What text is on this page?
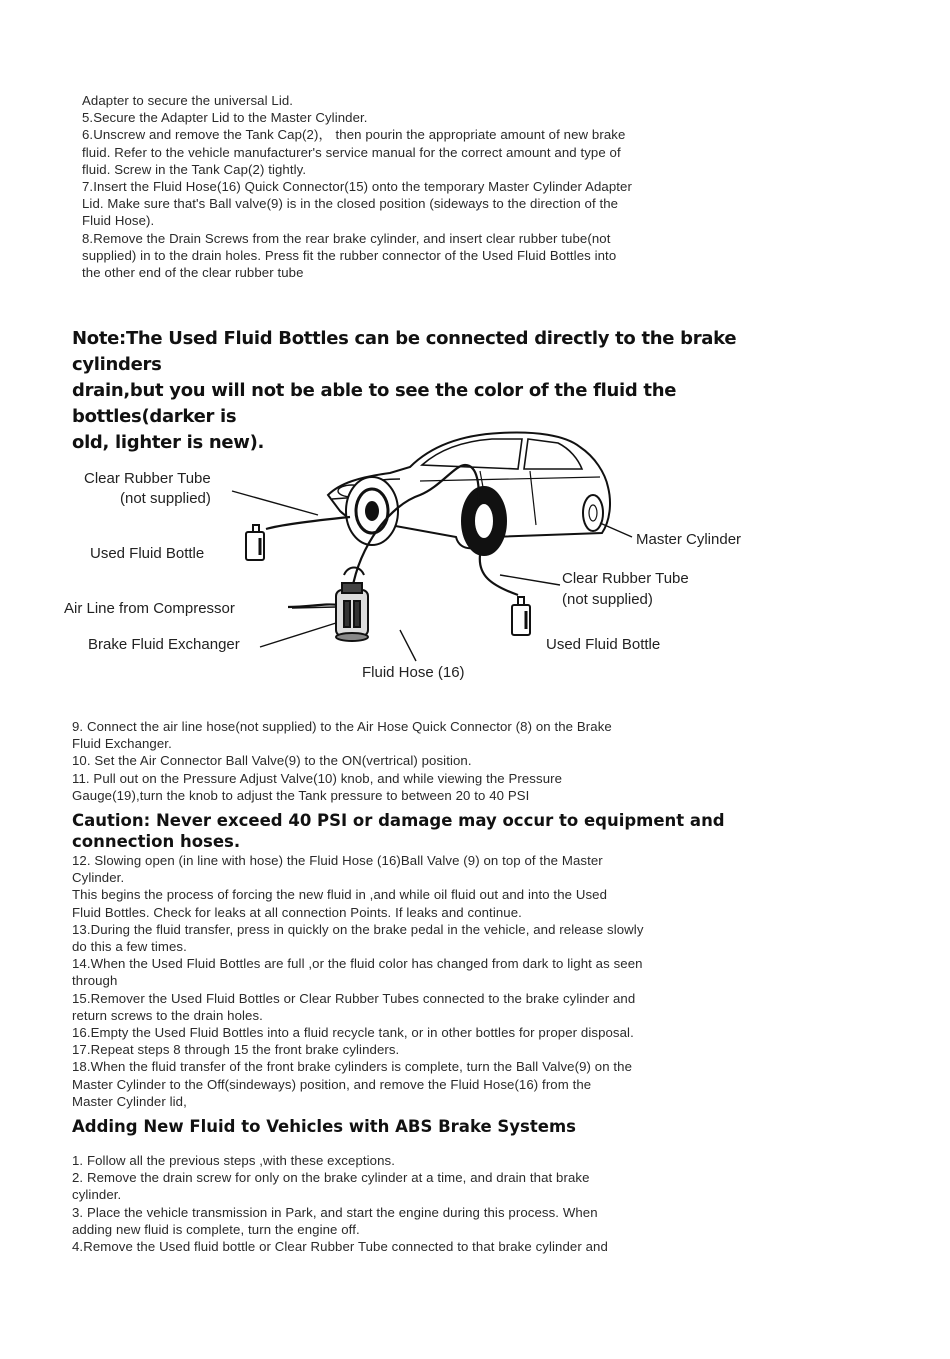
Adapter to secure the universal Lid.

5.Secure the Adapter Lid to the Master Cylinder.

6.Unscrew and remove the Tank Cap(2)， then pourin the appropriate amount of new brake

fluid. Refer to the vehicle manufacturer's service manual for the correct amount and type of

fluid. Screw in the Tank Cap(2) tightly.

7.Insert the Fluid Hose(16) Quick Connector(15) onto the temporary Master Cylinder Adapter

Lid. Make sure that's Ball valve(9) is in the closed position (sideways to the direction of the

Fluid Hose).

8.Remove the Drain Screws from the rear brake cylinder, and insert clear rubber tube(not

supplied) in to the drain holes. Press fit the rubber connector of the Used Fluid Bottles into

the other end of the clear rubber tube

Note:The Used Fluid Bottles can be connected directly to the brake cylinders

drain,but you will not be able to see the color of the fluid the bottles(darker is

old, lighter is new).

Clear Rubber Tube
(not supplied)
Used Fluid Bottle
Air Line from Compressor
Brake Fluid Exchanger
Fluid Hose (16)
Master Cylinder
Clear Rubber Tube
(not supplied)
Used Fluid Bottle

9. Connect the air line hose(not supplied) to the Air Hose Quick Connector (8) on the Brake

Fluid Exchanger.

10. Set the Air Connector Ball Valve(9) to the ON(vertrical) position.

11. Pull out on the Pressure Adjust Valve(10) knob, and while viewing the Pressure

Gauge(19),turn the knob to adjust the Tank pressure to between 20 to 40 PSI

Caution: Never exceed 40 PSI or damage may occur to equipment and

connection hoses.

12. Slowing open (in line with hose) the Fluid Hose (16)Ball Valve (9) on top of the Master

Cylinder.

This begins the process of forcing the new fluid in ,and while oil fluid out and into the Used

Fluid Bottles. Check for leaks at all connection Points. If leaks and continue.

13.During the fluid transfer, press in quickly on the brake pedal in the vehicle, and release slowly

do this a few times.

14.When the Used Fluid Bottles are full ,or the fluid color has changed from dark to light as seen

through

15.Remover the Used Fluid Bottles or Clear Rubber Tubes connected to the brake cylinder and

return screws to the drain holes.

16.Empty the Used Fluid Bottles into a fluid recycle tank, or in other bottles for proper disposal.

17.Repeat steps 8 through 15 the front brake cylinders.

18.When the fluid transfer of the front brake cylinders is complete, turn the Ball Valve(9) on the

Master Cylinder to the Off(sindeways) position, and remove the Fluid Hose(16) from the

Master Cylinder lid,

Adding New Fluid to Vehicles with ABS Brake Systems

1. Follow all the previous steps ,with these exceptions.

2. Remove the drain screw for only on the brake cylinder at a time, and drain that brake

cylinder.

3. Place the vehicle transmission in Park, and start the engine during this process. When

adding new fluid is complete, turn the engine off.

4.Remove the Used fluid bottle or Clear Rubber Tube connected to that brake cylinder and
